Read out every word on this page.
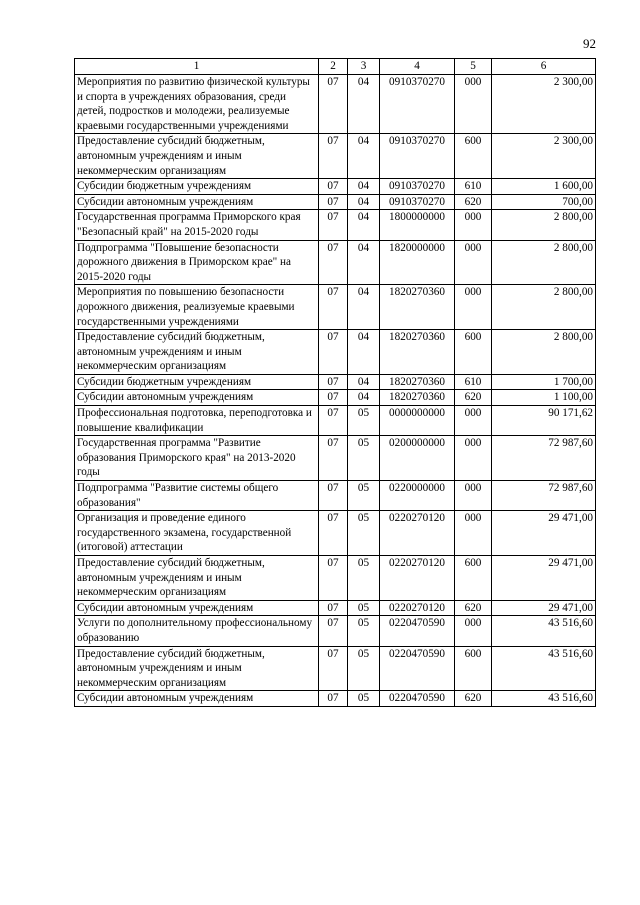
92
1	2	3	4	5	6
Мероприятия по развитию физической культуры и спорта в учреждениях образования, среди детей, подростков и молодежи, реализуемые краевыми государственными учреждениями	07	04	0910370270	000	2 300,00
Предоставление субсидий бюджетным, автономным учреждениям и иным некоммерческим организациям	07	04	0910370270	600	2 300,00
Субсидии бюджетным учреждениям	07	04	0910370270	610	1 600,00
Субсидии автономным учреждениям	07	04	0910370270	620	700,00
Государственная программа Приморского края "Безопасный край" на 2015-2020 годы	07	04	1800000000	000	2 800,00
Подпрограмма "Повышение безопасности дорожного движения в Приморском крае" на 2015-2020 годы	07	04	1820000000	000	2 800,00
Мероприятия по повышению безопасности дорожного движения, реализуемые краевыми государственными учреждениями	07	04	1820270360	000	2 800,00
Предоставление субсидий бюджетным, автономным учреждениям и иным некоммерческим организациям	07	04	1820270360	600	2 800,00
Субсидии бюджетным учреждениям	07	04	1820270360	610	1 700,00
Субсидии автономным учреждениям	07	04	1820270360	620	1 100,00
Профессиональная подготовка, переподготовка и повышение квалификации	07	05	0000000000	000	90 171,62
Государственная программа "Развитие образования Приморского края" на 2013-2020 годы	07	05	0200000000	000	72 987,60
Подпрограмма "Развитие системы общего образования"	07	05	0220000000	000	72 987,60
Организация и проведение единого государственного экзамена, государственной (итоговой) аттестации	07	05	0220270120	000	29 471,00
Предоставление субсидий бюджетным, автономным учреждениям и иным некоммерческим организациям	07	05	0220270120	600	29 471,00
Субсидии автономным учреждениям	07	05	0220270120	620	29 471,00
Услуги по дополнительному профессиональному образованию	07	05	0220470590	000	43 516,60
Предоставление субсидий бюджетным, автономным учреждениям и иным некоммерческим организациям	07	05	0220470590	600	43 516,60
Субсидии автономным учреждениям	07	05	0220470590	620	43 516,60
